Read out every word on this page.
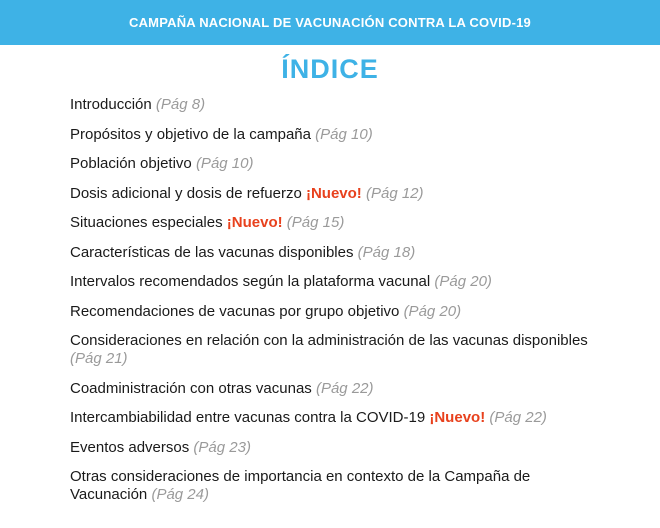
CAMPAÑA NACIONAL DE VACUNACIÓN CONTRA LA COVID-19
ÍNDICE
Introducción (Pág 8)
Propósitos y objetivo de la campaña (Pág 10)
Población objetivo (Pág 10)
Dosis adicional y dosis de refuerzo ¡Nuevo! (Pág 12)
Situaciones especiales ¡Nuevo! (Pág 15)
Características de las vacunas disponibles (Pág 18)
Intervalos recomendados según la plataforma vacunal (Pág 20)
Recomendaciones de vacunas por grupo objetivo (Pág 20)
Consideraciones en relación con la administración de las vacunas disponibles (Pág 21)
Coadministración con otras vacunas (Pág 22)
Intercambiabilidad entre vacunas contra la COVID-19 ¡Nuevo! (Pág 22)
Eventos adversos (Pág 23)
Otras consideraciones de importancia en contexto de la Campaña de Vacunación (Pág 24)
